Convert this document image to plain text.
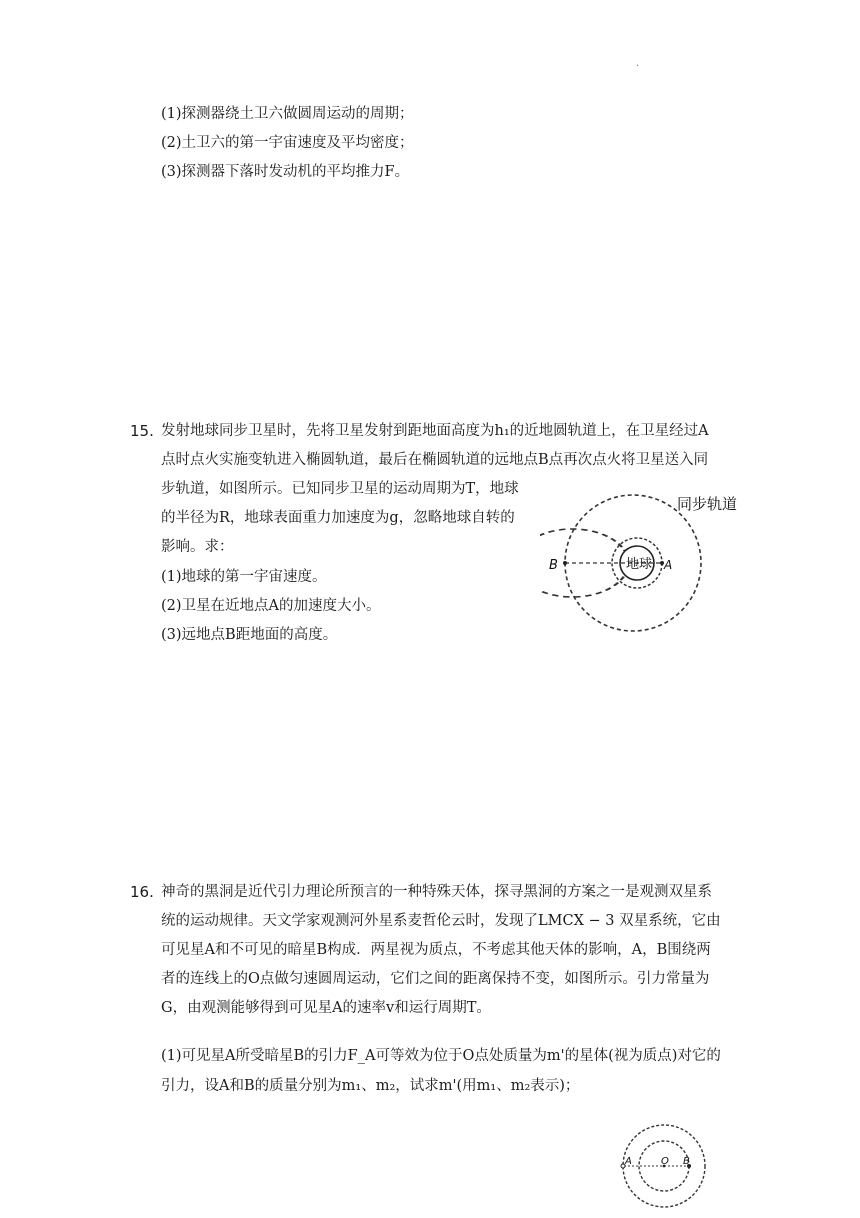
.
(1)探测器绕土卫六做圆周运动的周期；
(2)土卫六的第一宇宙速度及平均密度；
(3)探测器下落时发动机的平均推力F。
15. 发射地球同步卫星时，先将卫星发射到距地面高度为h₁的近地圆轨道上，在卫星经过A
点时点火实施变轨进入椭圆轨道，最后在椭圆轨道的远地点B点再次点火将卫星送入同
步轨道，如图所示。已知同步卫星的运动周期为T，地球
的半径为R，地球表面重力加速度为g，忽略地球自转的
影响。求：
(1)地球的第一宇宙速度。
(2)卫星在近地点A的加速度大小。
(3)远地点B距地面的高度。
地球
B	A
同步轨道
16. 神奇的黑洞是近代引力理论所预言的一种特殊天体，探寻黑洞的方案之一是观测双星系
统的运动规律。天文学家观测河外星系麦哲伦云时，发现了LMCX − 3 双星系统，它由
可见星A和不可见的暗星B构成．两星视为质点，不考虑其他天体的影响，A，B围绕两
者的连线上的O点做匀速圆周运动，它们之间的距离保持不变，如图所示。引力常量为
G，由观测能够得到可见星A的速率v和运行周期T。
(1)可见星A所受暗星B的引力F_A可等效为位于O点处质量为m'的星体(视为质点)对它的
引力，设A和B的质量分别为m₁、m₂，试求m'(用m₁、m₂表示)；
A	O B
